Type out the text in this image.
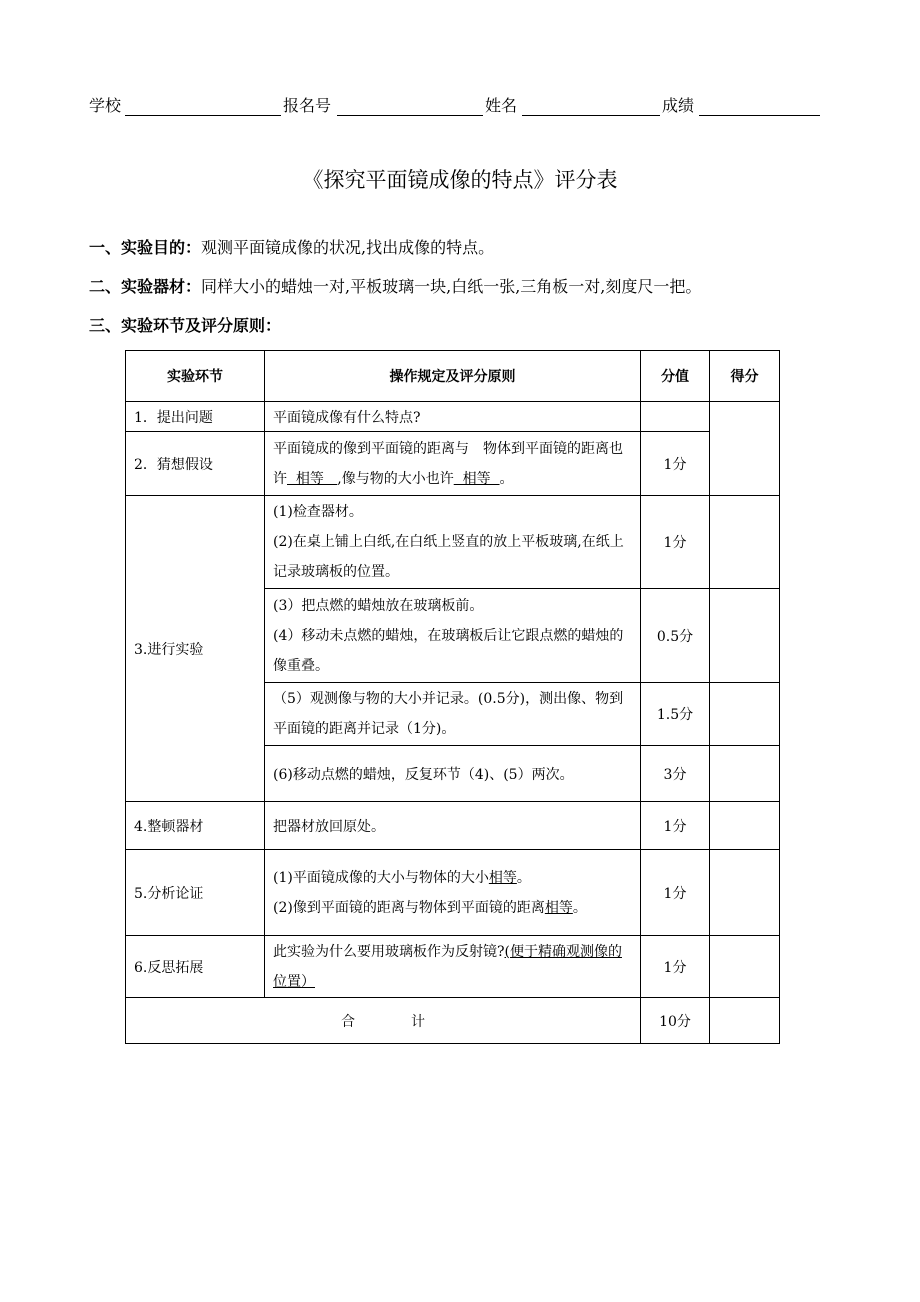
学校	报名号	姓名	成绩
《探究平面镜成像的特点》评分表
一、实验目的：观测平面镜成像的状况,找出成像的特点。
二、实验器材：同样大小的蜡烛一对,平板玻璃一块,白纸一张,三角板一对,刻度尺一把。
三、实验环节及评分原则：
实验环节	操作规定及评分原则	分值	得分
1．提出问题	平面镜成像有什么特点?		
2．猜想假设	平面镜成的像到平面镜的距离与　物体到平面镜的距离也许  相等   ,像与物的大小也许  相等  。	1分	
3.进行实验	(1)检查器材。
(2)在桌上铺上白纸,在白纸上竖直的放上平板玻璃,在纸上记录玻璃板的位置。	1分	

	(3）把点燃的蜡烛放在玻璃板前。
(4）移动未点燃的蜡烛，在玻璃板后让它跟点燃的蜡烛的像重叠。	0.5分	
	（5）观测像与物的大小并记录。(0.5分)，测出像、物到平面镜的距离并记录（1分)。	1.5分	
	(6)移动点燃的蜡烛，反复环节（4)、(5）两次。	3分	
4.整顿器材	把器材放回原处。	1分	
5.分析论证	(1)平面镜成像的大小与物体的大小相等。
(2)像到平面镜的距离与物体到平面镜的距离相等。	1分	
6.反思拓展	此实验为什么要用玻璃板作为反射镜?(便于精确观测像的位置）	1分	
合 计		10分	
